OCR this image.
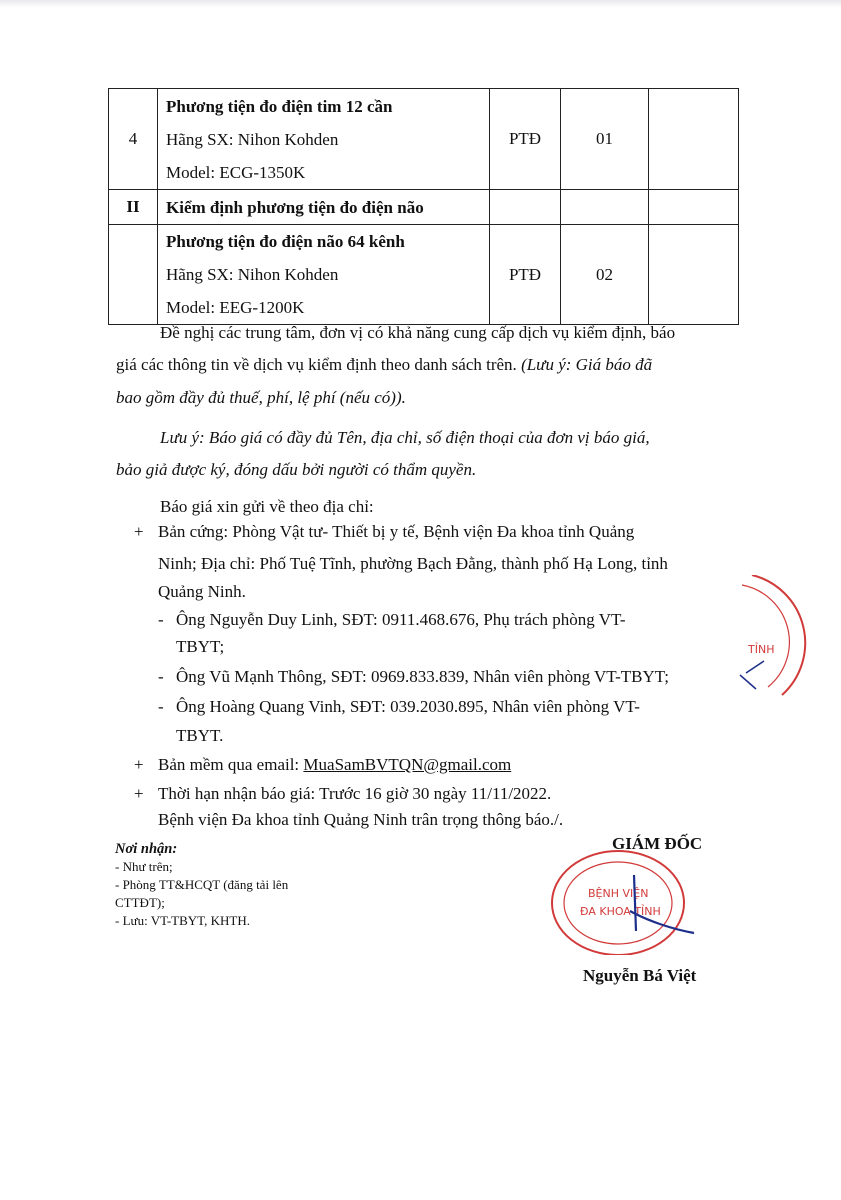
4	Phương tiện đo điện tim 12 cần
Hãng SX: Nihon Kohden
Model: ECG-1350K	PTĐ	01	
II	Kiểm định phương tiện đo điện não			

	Phương tiện đo điện não 64 kênh
Hãng SX: Nihon Kohden
Model: EEG-1200K	PTĐ	02	
Đề nghị các trung tâm, đơn vị có khả năng cung cấp dịch vụ kiểm định, báo
giá các thông tin về dịch vụ kiểm định theo danh sách trên. (Lưu ý: Giá báo đã
bao gồm đầy đủ thuế, phí, lệ phí (nếu có)).
Lưu ý: Báo giá có đầy đủ Tên, địa chỉ, số điện thoại của đơn vị báo giá,
bảo giả được ký, đóng dấu bởi người có thẩm quyền.
Báo giá xin gửi về theo địa chỉ:
+ Bản cứng: Phòng Vật tư- Thiết bị y tế, Bệnh viện Đa khoa tỉnh Quảng
Ninh; Địa chỉ: Phố Tuệ Tĩnh, phường Bạch Đằng, thành phố Hạ Long, tỉnh
Quảng Ninh.
- Ông Nguyễn Duy Linh, SĐT: 0911.468.676, Phụ trách phòng VT-
TBYT;
- Ông Vũ Mạnh Thông, SĐT: 0969.833.839, Nhân viên phòng VT-TBYT;
- Ông Hoàng Quang Vinh, SĐT: 039.2030.895, Nhân viên phòng VT-
TBYT.
+ Bản mềm qua email: MuaSamBVTQN@gmail.com
+ Thời hạn nhận báo giá: Trước 16 giờ 30 ngày 11/11/2022.
Bệnh viện Đa khoa tỉnh Quảng Ninh trân trọng thông báo./.
Nơi nhận:
- Như trên;
- Phòng TT&HCQT (đăng tải lên
CTTĐT);
- Lưu: VT-TBYT, KHTH.
TỈNH
GIÁM ĐỐC
BỆNH VIỆN
ĐA KHOA TỈNH
Nguyễn Bá Việt
